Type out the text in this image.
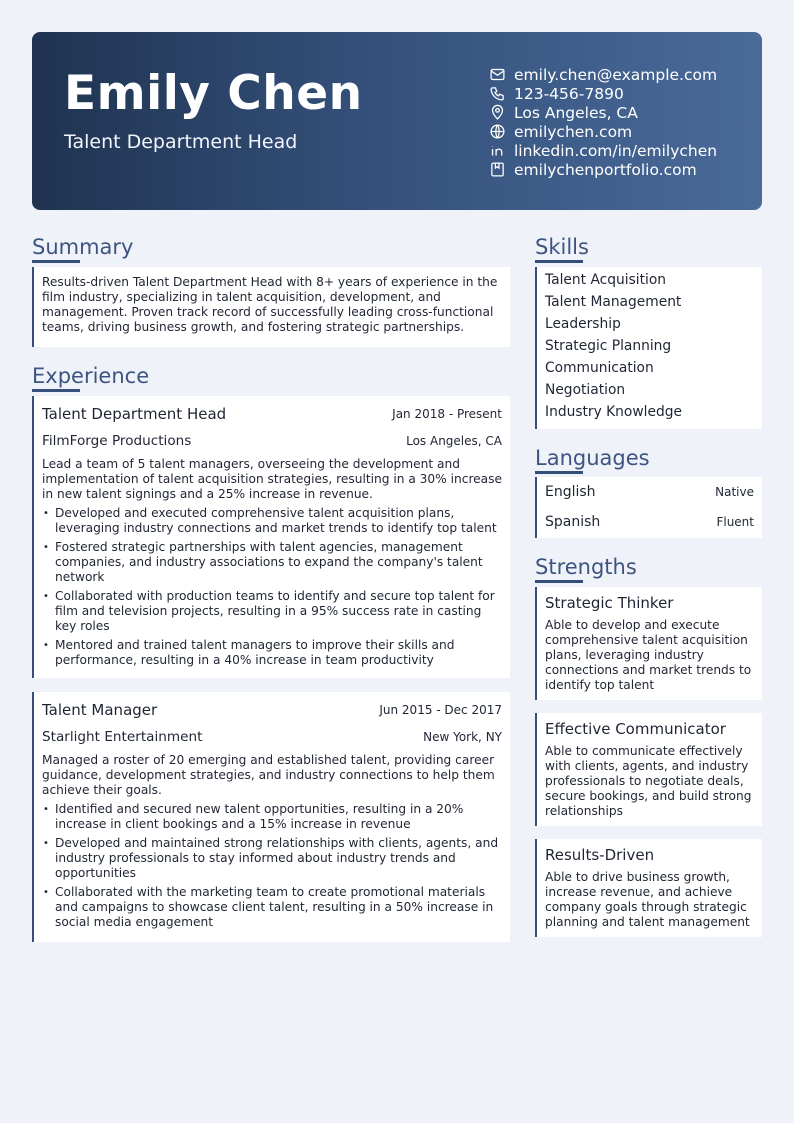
Emily Chen
Talent Department Head
emily.chen@example.com
123-456-7890
Los Angeles, CA
emilychen.com
linkedin.com/in/emilychen
emilychenportfolio.com
Summary
Results-driven Talent Department Head with 8+ years of experience in the film industry, specializing in talent acquisition, development, and management. Proven track record of successfully leading cross-functional teams, driving business growth, and fostering strategic partnerships.
Experience
Talent Department Head	Jan 2018 - Present
FilmForge Productions	Los Angeles, CA
Lead a team of 5 talent managers, overseeing the development and implementation of talent acquisition strategies, resulting in a 30% increase in new talent signings and a 25% increase in revenue.
• Developed and executed comprehensive talent acquisition plans, leveraging industry connections and market trends to identify top talent
• Fostered strategic partnerships with talent agencies, management companies, and industry associations to expand the company's talent network
• Collaborated with production teams to identify and secure top talent for film and television projects, resulting in a 95% success rate in casting key roles
• Mentored and trained talent managers to improve their skills and performance, resulting in a 40% increase in team productivity
Talent Manager	Jun 2015 - Dec 2017
Starlight Entertainment	New York, NY
Managed a roster of 20 emerging and established talent, providing career guidance, development strategies, and industry connections to help them achieve their goals.
• Identified and secured new talent opportunities, resulting in a 20% increase in client bookings and a 15% increase in revenue
• Developed and maintained strong relationships with clients, agents, and industry professionals to stay informed about industry trends and opportunities
• Collaborated with the marketing team to create promotional materials and campaigns to showcase client talent, resulting in a 50% increase in social media engagement
Skills
Talent Acquisition
Talent Management
Leadership
Strategic Planning
Communication
Negotiation
Industry Knowledge
Languages
English	Native
Spanish	Fluent
Strengths
Strategic Thinker
Able to develop and execute comprehensive talent acquisition plans, leveraging industry connections and market trends to identify top talent
Effective Communicator
Able to communicate effectively with clients, agents, and industry professionals to negotiate deals, secure bookings, and build strong relationships
Results-Driven
Able to drive business growth, increase revenue, and achieve company goals through strategic planning and talent management
